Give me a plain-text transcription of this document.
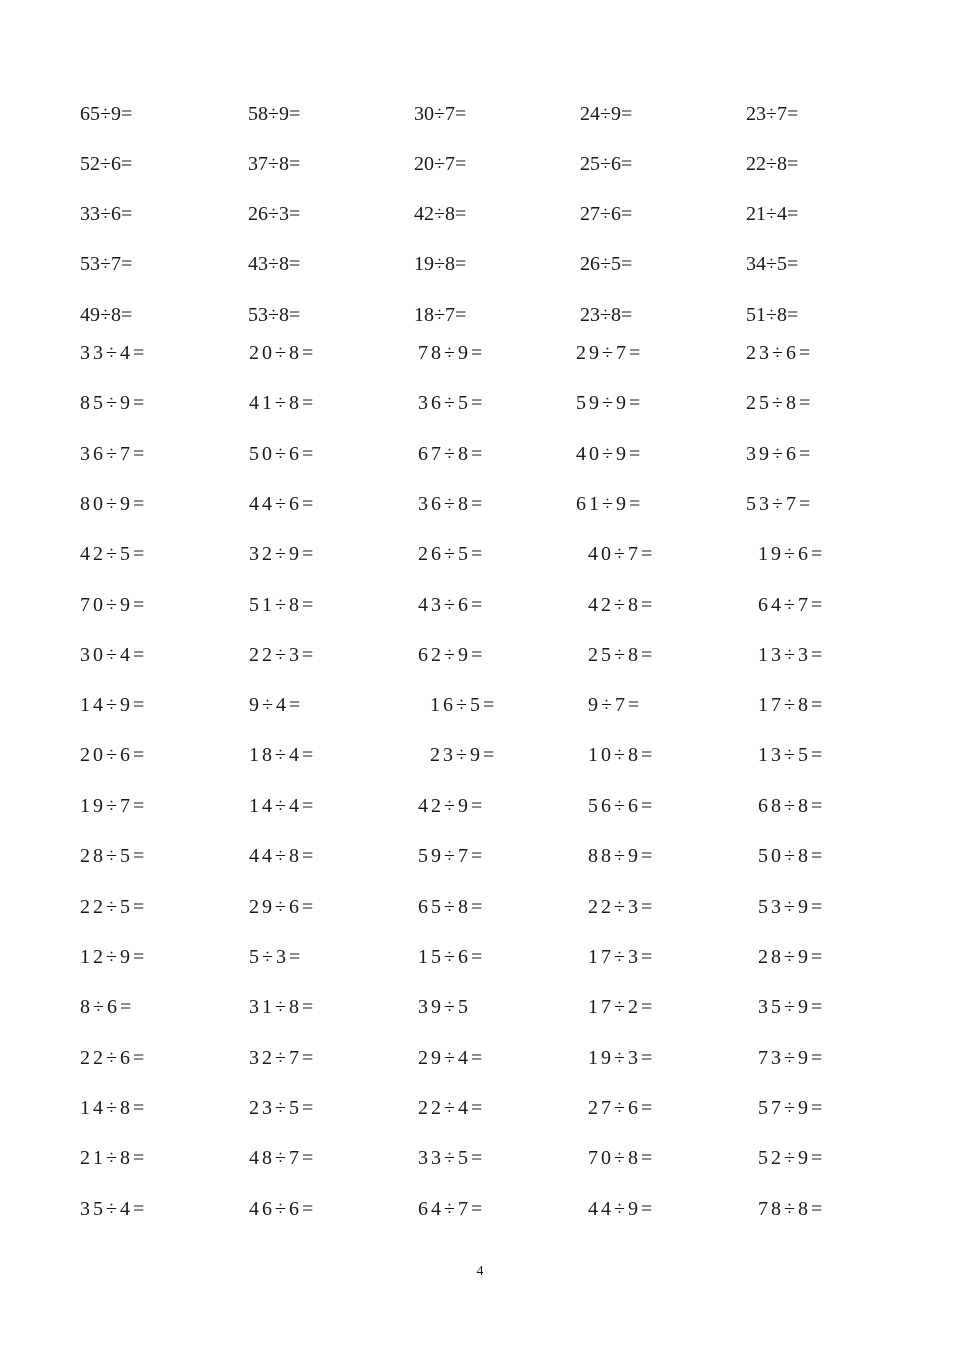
65÷9=	58÷9=	30÷7=	24÷9=	23÷7=
52÷6=	37÷8=	20÷7=	25÷6=	22÷8=
33÷6=	26÷3=	42÷8=	27÷6=	21÷4=
53÷7=	43÷8=	19÷8=	26÷5=	34÷5=
49÷8=	53÷8=	18÷7=	23÷8=	51÷8=
33÷4=	20÷8=	78÷9=	29÷7=	23÷6=
85÷9=	41÷8=	36÷5=	59÷9=	25÷8=
36÷7=	50÷6=	67÷8=	40÷9=	39÷6=
80÷9=	44÷6=	36÷8=	61÷9=	53÷7=
42÷5=	32÷9=	26÷5=	40÷7=	19÷6=
70÷9=	51÷8=	43÷6=	42÷8=	64÷7=
30÷4=	22÷3=	62÷9=	25÷8=	13÷3=
14÷9=	9÷4=	16÷5=	9÷7=	17÷8=
20÷6=	18÷4=	23÷9=	10÷8=	13÷5=
19÷7=	14÷4=	42÷9=	56÷6=	68÷8=
28÷5=	44÷8=	59÷7=	88÷9=	50÷8=
22÷5=	29÷6=	65÷8=	22÷3=	53÷9=
12÷9=	5÷3=	15÷6=	17÷3=	28÷9=
8÷6=	31÷8=	39÷5	17÷2=	35÷9=
22÷6=	32÷7=	29÷4=	19÷3=	73÷9=
14÷8=	23÷5=	22÷4=	27÷6=	57÷9=
21÷8=	48÷7=	33÷5=	70÷8=	52÷9=
35÷4=	46÷6=	64÷7=	44÷9=	78÷8=
4
